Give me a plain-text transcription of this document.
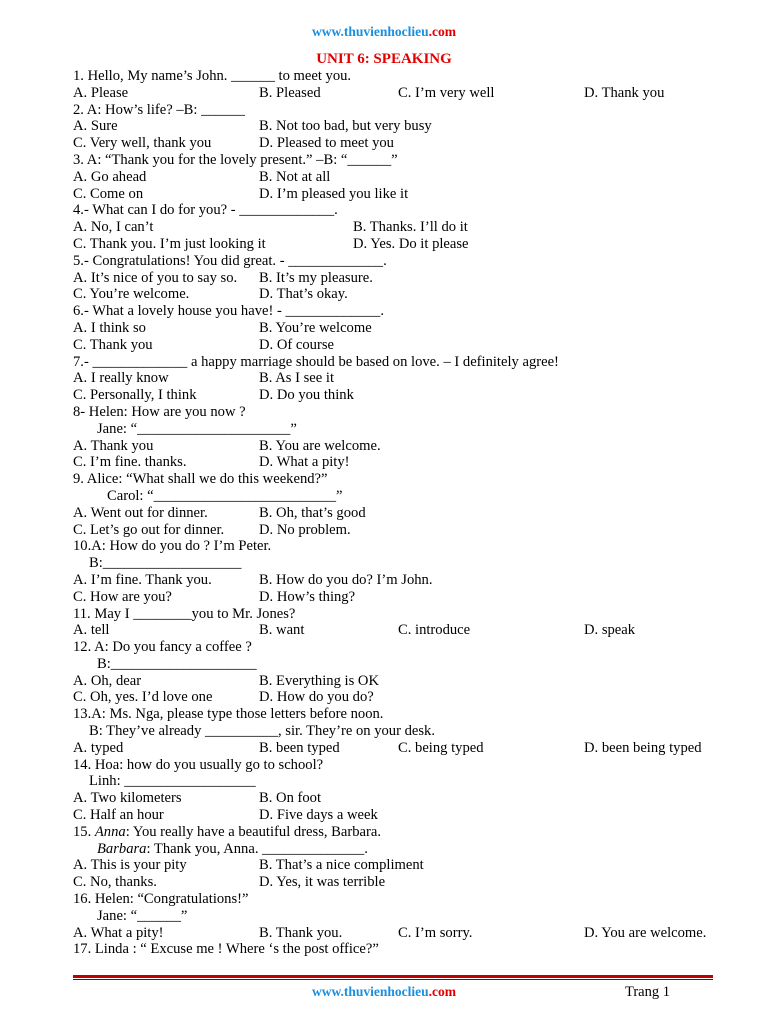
www.thuvienhoclieu.com
UNIT 6: SPEAKING
1. Hello, My name’s John. ______ to meet you.
A. Please	B. Pleased	C. I’m very well	D. Thank you
2. A: How’s life? –B: ______
A. Sure	B. Not too bad, but very busy
C. Very well, thank you	D. Pleased to meet you
3. A: “Thank you for the lovely present.” –B: “______”
A. Go ahead	B. Not at all
C. Come on	D. I’m pleased you like it
4.- What can I do for you? - _____________.
A. No, I can’t	B. Thanks. I’ll do it
C. Thank you. I’m just looking it	D. Yes. Do it please
5.- Congratulations! You did great. - _____________.
A. It’s nice of you to say so. B. It’s my pleasure.
C. You’re welcome.	D. That’s okay.
6.- What a lovely house you have! - _____________.
A. I think so	B. You’re welcome
C. Thank you	D. Of course
7.- _____________ a happy marriage should be based on love. – I definitely agree!
A. I really know	B. As I see it
C. Personally, I think	D. Do you think
8- Helen: How are you now ?
Jane: “_____________________”
A. Thank you	B. You are welcome.
C. I’m fine. thanks.	D. What a pity!
9. Alice: “What shall we do this weekend?”
Carol: “_________________________”
A. Went out for dinner.	B. Oh, that’s good
C. Let’s go out for dinner. D. No problem.
10.A: How do you do ? I’m Peter.
B:___________________
A. I’m fine. Thank you.	B. How do you do? I’m John.
C. How are you?	D. How’s thing?
11. May I ________you to Mr. Jones?
A. tell	B. want	C. introduce	D. speak
12. A: Do you fancy a coffee ?
B:____________________
A. Oh, dear	B. Everything is OK
C. Oh, yes. I’d love one	D. How do you do?
13.A: Ms. Nga, please type those letters before noon.
B: They’ve already __________, sir. They’re on your desk.
A. typed	B. been typed	C. being typed	D. been being typed
14. Hoa: how do you usually go to school?
Linh: __________________
A. Two kilometers	B. On foot
C. Half an hour	D. Five days a week
15. Anna: You really have a beautiful dress, Barbara.
Barbara: Thank you, Anna. ______________.
A. This is your pity	B. That’s a nice compliment
C. No, thanks.	D. Yes, it was terrible
16. Helen: “Congratulations!”
Jane: “______”
A. What a pity!	B. Thank you.	C. I’m sorry.	D. You are welcome.
17. Linda : “ Excuse me ! Where ‘s the post office?”
www.thuvienhoclieu.com	Trang 1
